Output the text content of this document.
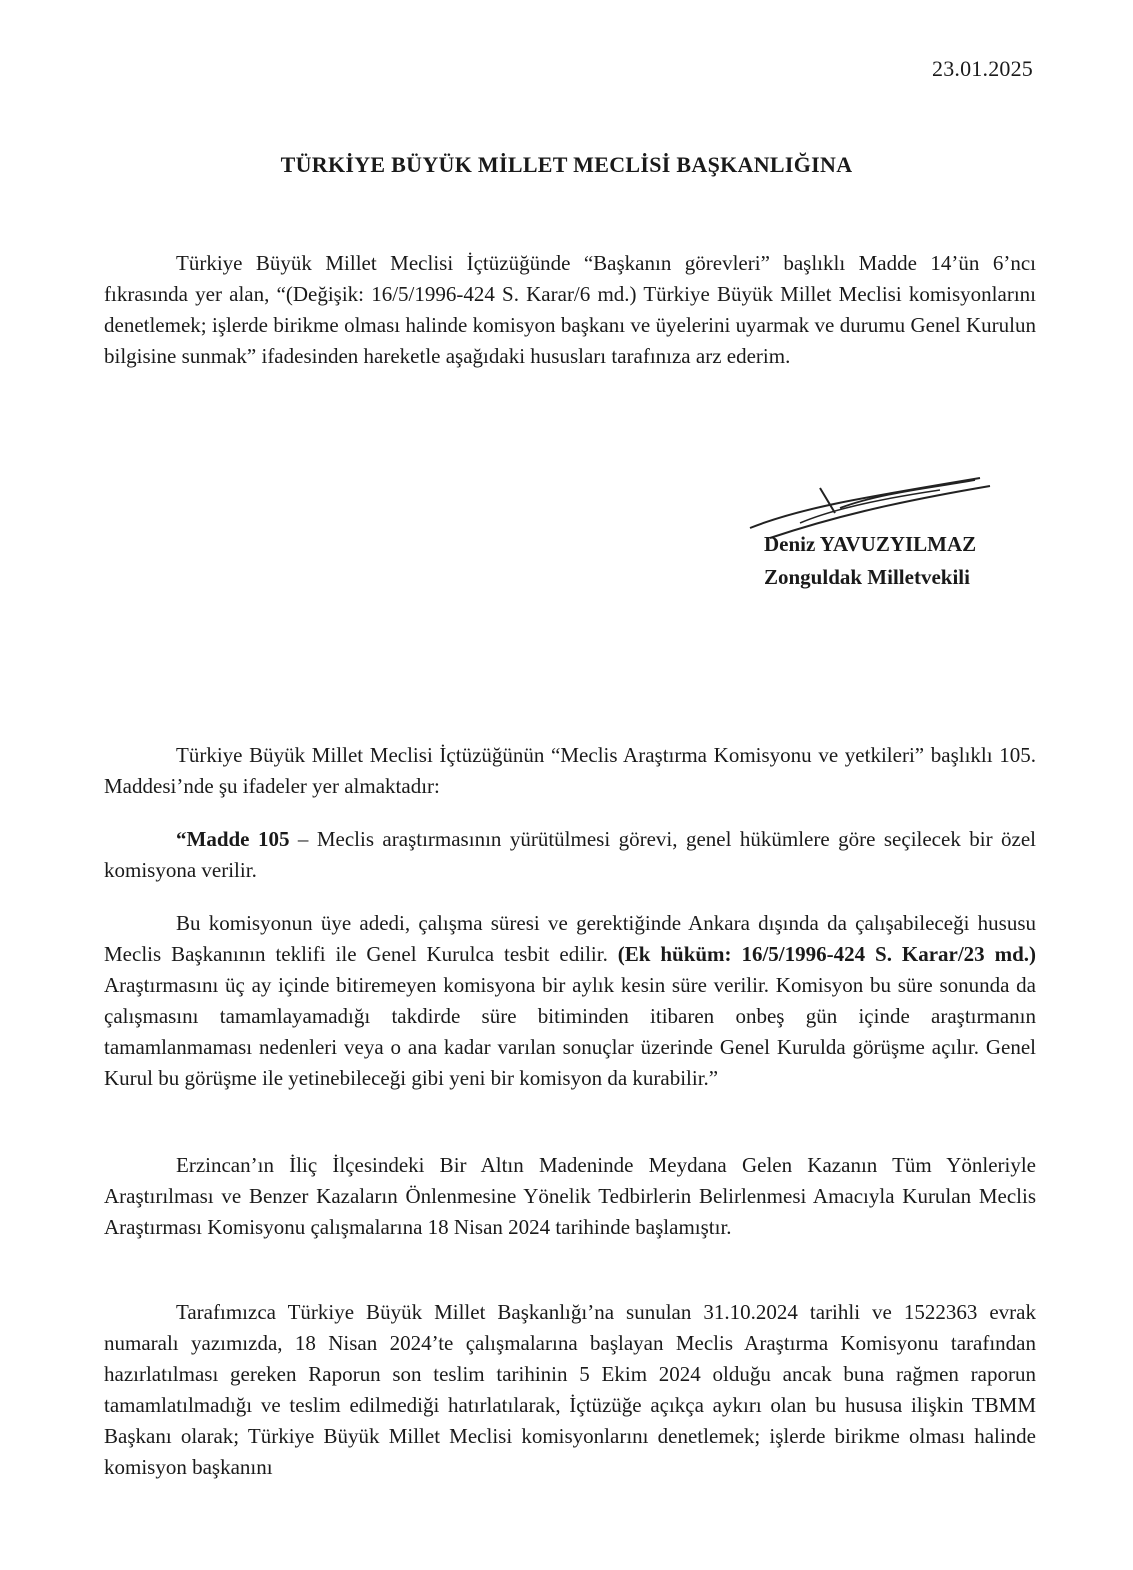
23.01.2025
TÜRKİYE BÜYÜK MİLLET MECLİSİ BAŞKANLIĞINA

Türkiye Büyük Millet Meclisi İçtüzüğünde “Başkanın görevleri” başlıklı Madde 14’ün 6’ncı fıkrasında yer alan, “(Değişik: 16/5/1996-424 S. Karar/6 md.) Türkiye Büyük Millet Meclisi komisyonlarını denetlemek; işlerde birikme olması halinde komisyon başkanı ve üyelerini uyarmak ve durumu Genel Kurulun bilgisine sunmak” ifadesinden hareketle aşağıdaki hususları tarafınıza arz ederim.

Deniz YAVUZYILMAZ
Zonguldak Milletvekili

Türkiye Büyük Millet Meclisi İçtüzüğünün “Meclis Araştırma Komisyonu ve yetkileri” başlıklı 105. Maddesi’nde şu ifadeler yer almaktadır:

“Madde 105 – Meclis araştırmasının yürütülmesi görevi, genel hükümlere göre seçilecek bir özel komisyona verilir.

Bu komisyonun üye adedi, çalışma süresi ve gerektiğinde Ankara dışında da çalışabileceği hususu Meclis Başkanının teklifi ile Genel Kurulca tesbit edilir. (Ek hüküm: 16/5/1996-424 S. Karar/23 md.) Araştırmasını üç ay içinde bitiremeyen komisyona bir aylık kesin süre verilir. Komisyon bu süre sonunda da çalışmasını tamamlayamadığı takdirde süre bitiminden itibaren onbeş gün içinde araştırmanın tamamlanmaması nedenleri veya o ana kadar varılan sonuçlar üzerinde Genel Kurulda görüşme açılır. Genel Kurul bu görüşme ile yetinebileceği gibi yeni bir komisyon da kurabilir.”

Erzincan’ın İliç İlçesindeki Bir Altın Madeninde Meydana Gelen Kazanın Tüm Yönleriyle Araştırılması ve Benzer Kazaların Önlenmesine Yönelik Tedbirlerin Belirlenmesi Amacıyla Kurulan Meclis Araştırması Komisyonu çalışmalarına 18 Nisan 2024 tarihinde başlamıştır.

Tarafımızca Türkiye Büyük Millet Başkanlığı’na sunulan 31.10.2024 tarihli ve 1522363 evrak numaralı yazımızda, 18 Nisan 2024’te çalışmalarına başlayan Meclis Araştırma Komisyonu tarafından hazırlatılması gereken Raporun son teslim tarihinin 5 Ekim 2024 olduğu ancak buna rağmen raporun tamamlatılmadığı ve teslim edilmediği hatırlatılarak, İçtüzüğe açıkça aykırı olan bu hususa ilişkin TBMM Başkanı olarak; Türkiye Büyük Millet Meclisi komisyonlarını denetlemek; işlerde birikme olması halinde komisyon başkanını
